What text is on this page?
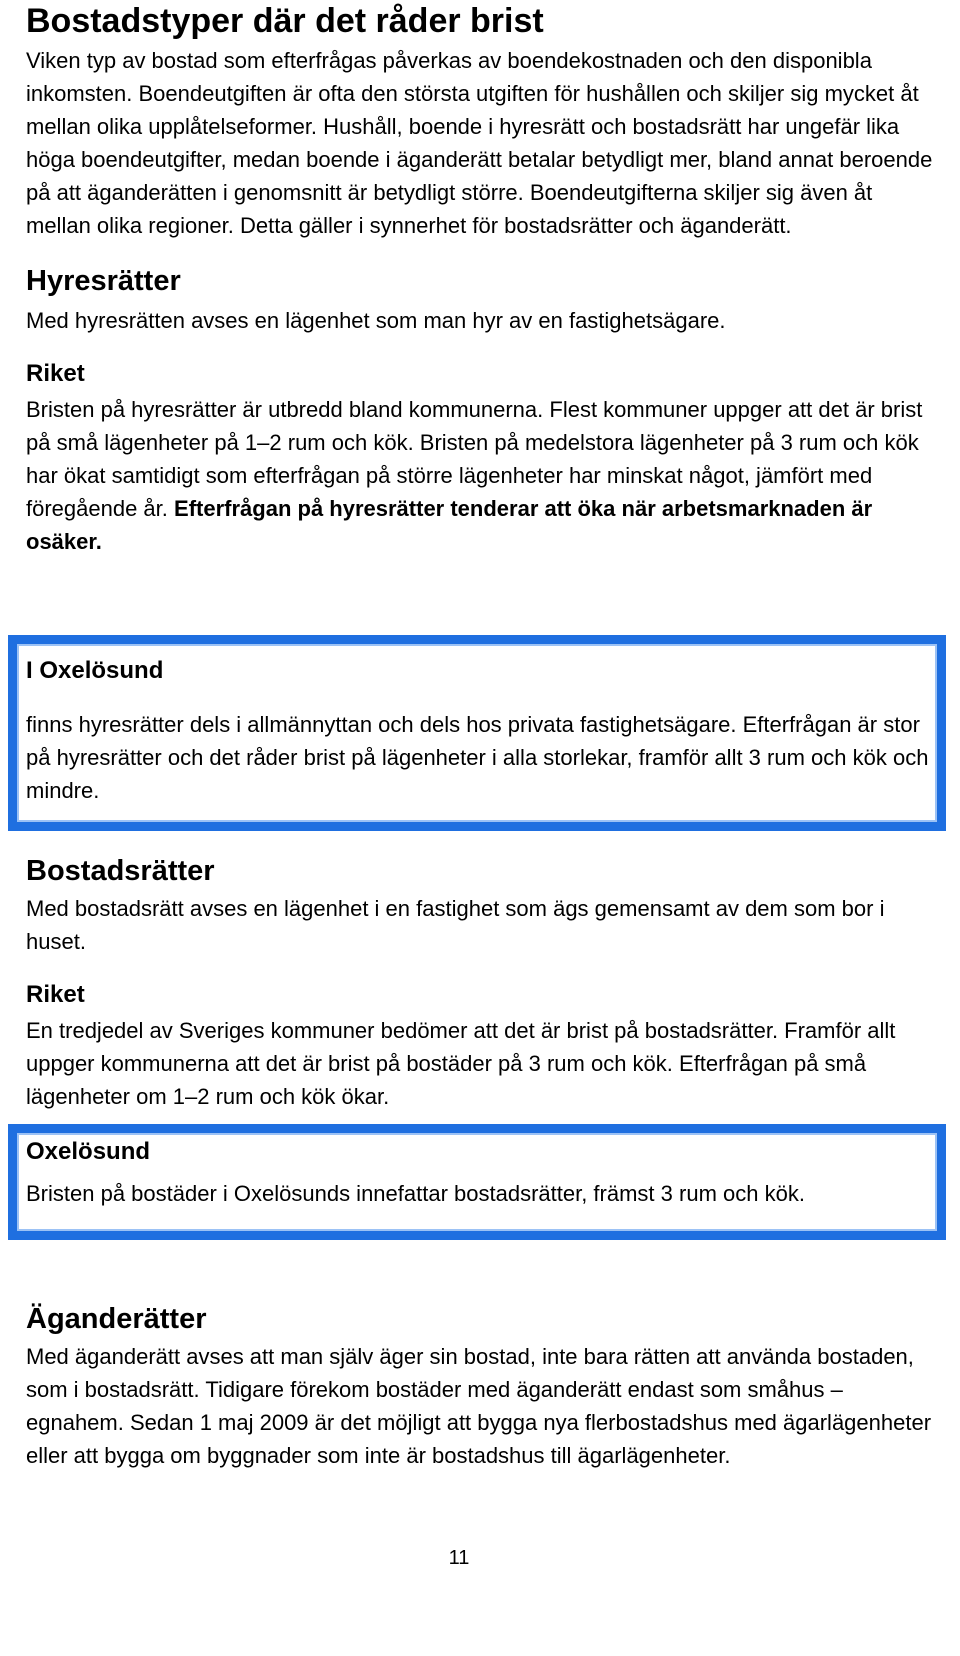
Bostadstyper där det råder brist

Viken typ av bostad som efterfrågas påverkas av boendekostnaden och den disponibla inkomsten. Boendeutgiften är ofta den största utgiften för hushållen och skiljer sig mycket åt mellan olika upplåtelseformer. Hushåll, boende i hyresrätt och bostadsrätt har ungefär lika höga boendeutgifter, medan boende i äganderätt betalar betydligt mer, bland annat beroende på att äganderätten i genomsnitt är betydligt större. Boendeutgifterna skiljer sig även åt mellan olika regioner. Detta gäller i synnerhet för bostadsrätter och äganderätt.

Hyresrätter

Med hyresrätten avses en lägenhet som man hyr av en fastighetsägare.

Riket

Bristen på hyresrätter är utbredd bland kommunerna. Flest kommuner uppger att det är brist på små lägenheter på 1–2 rum och kök. Bristen på medelstora lägenheter på 3 rum och kök har ökat samtidigt som efterfrågan på större lägenheter har minskat något, jämfört med föregående år. Efterfrågan på hyresrätter tenderar att öka när arbetsmarknaden är osäker.

I Oxelösund

finns hyresrätter dels i allmännyttan och dels hos privata fastighetsägare. Efterfrågan är stor på hyresrätter och det råder brist på lägenheter i alla storlekar, framför allt 3 rum och kök och mindre.

Bostadsrätter

Med bostadsrätt avses en lägenhet i en fastighet som ägs gemensamt av dem som bor i huset.

Riket

En tredjedel av Sveriges kommuner bedömer att det är brist på bostadsrätter. Framför allt uppger kommunerna att det är brist på bostäder på 3 rum och kök. Efterfrågan på små lägenheter om 1–2 rum och kök ökar.

Oxelösund

Bristen på bostäder i Oxelösunds innefattar bostadsrätter, främst 3 rum och kök.

Äganderätter

Med äganderätt avses att man själv äger sin bostad, inte bara rätten att använda bostaden, som i bostadsrätt. Tidigare förekom bostäder med äganderätt endast som småhus – egnahem. Sedan 1 maj 2009 är det möjligt att bygga nya flerbostadshus med ägarlägenheter eller att bygga om byggnader som inte är bostadshus till ägarlägenheter.

11
